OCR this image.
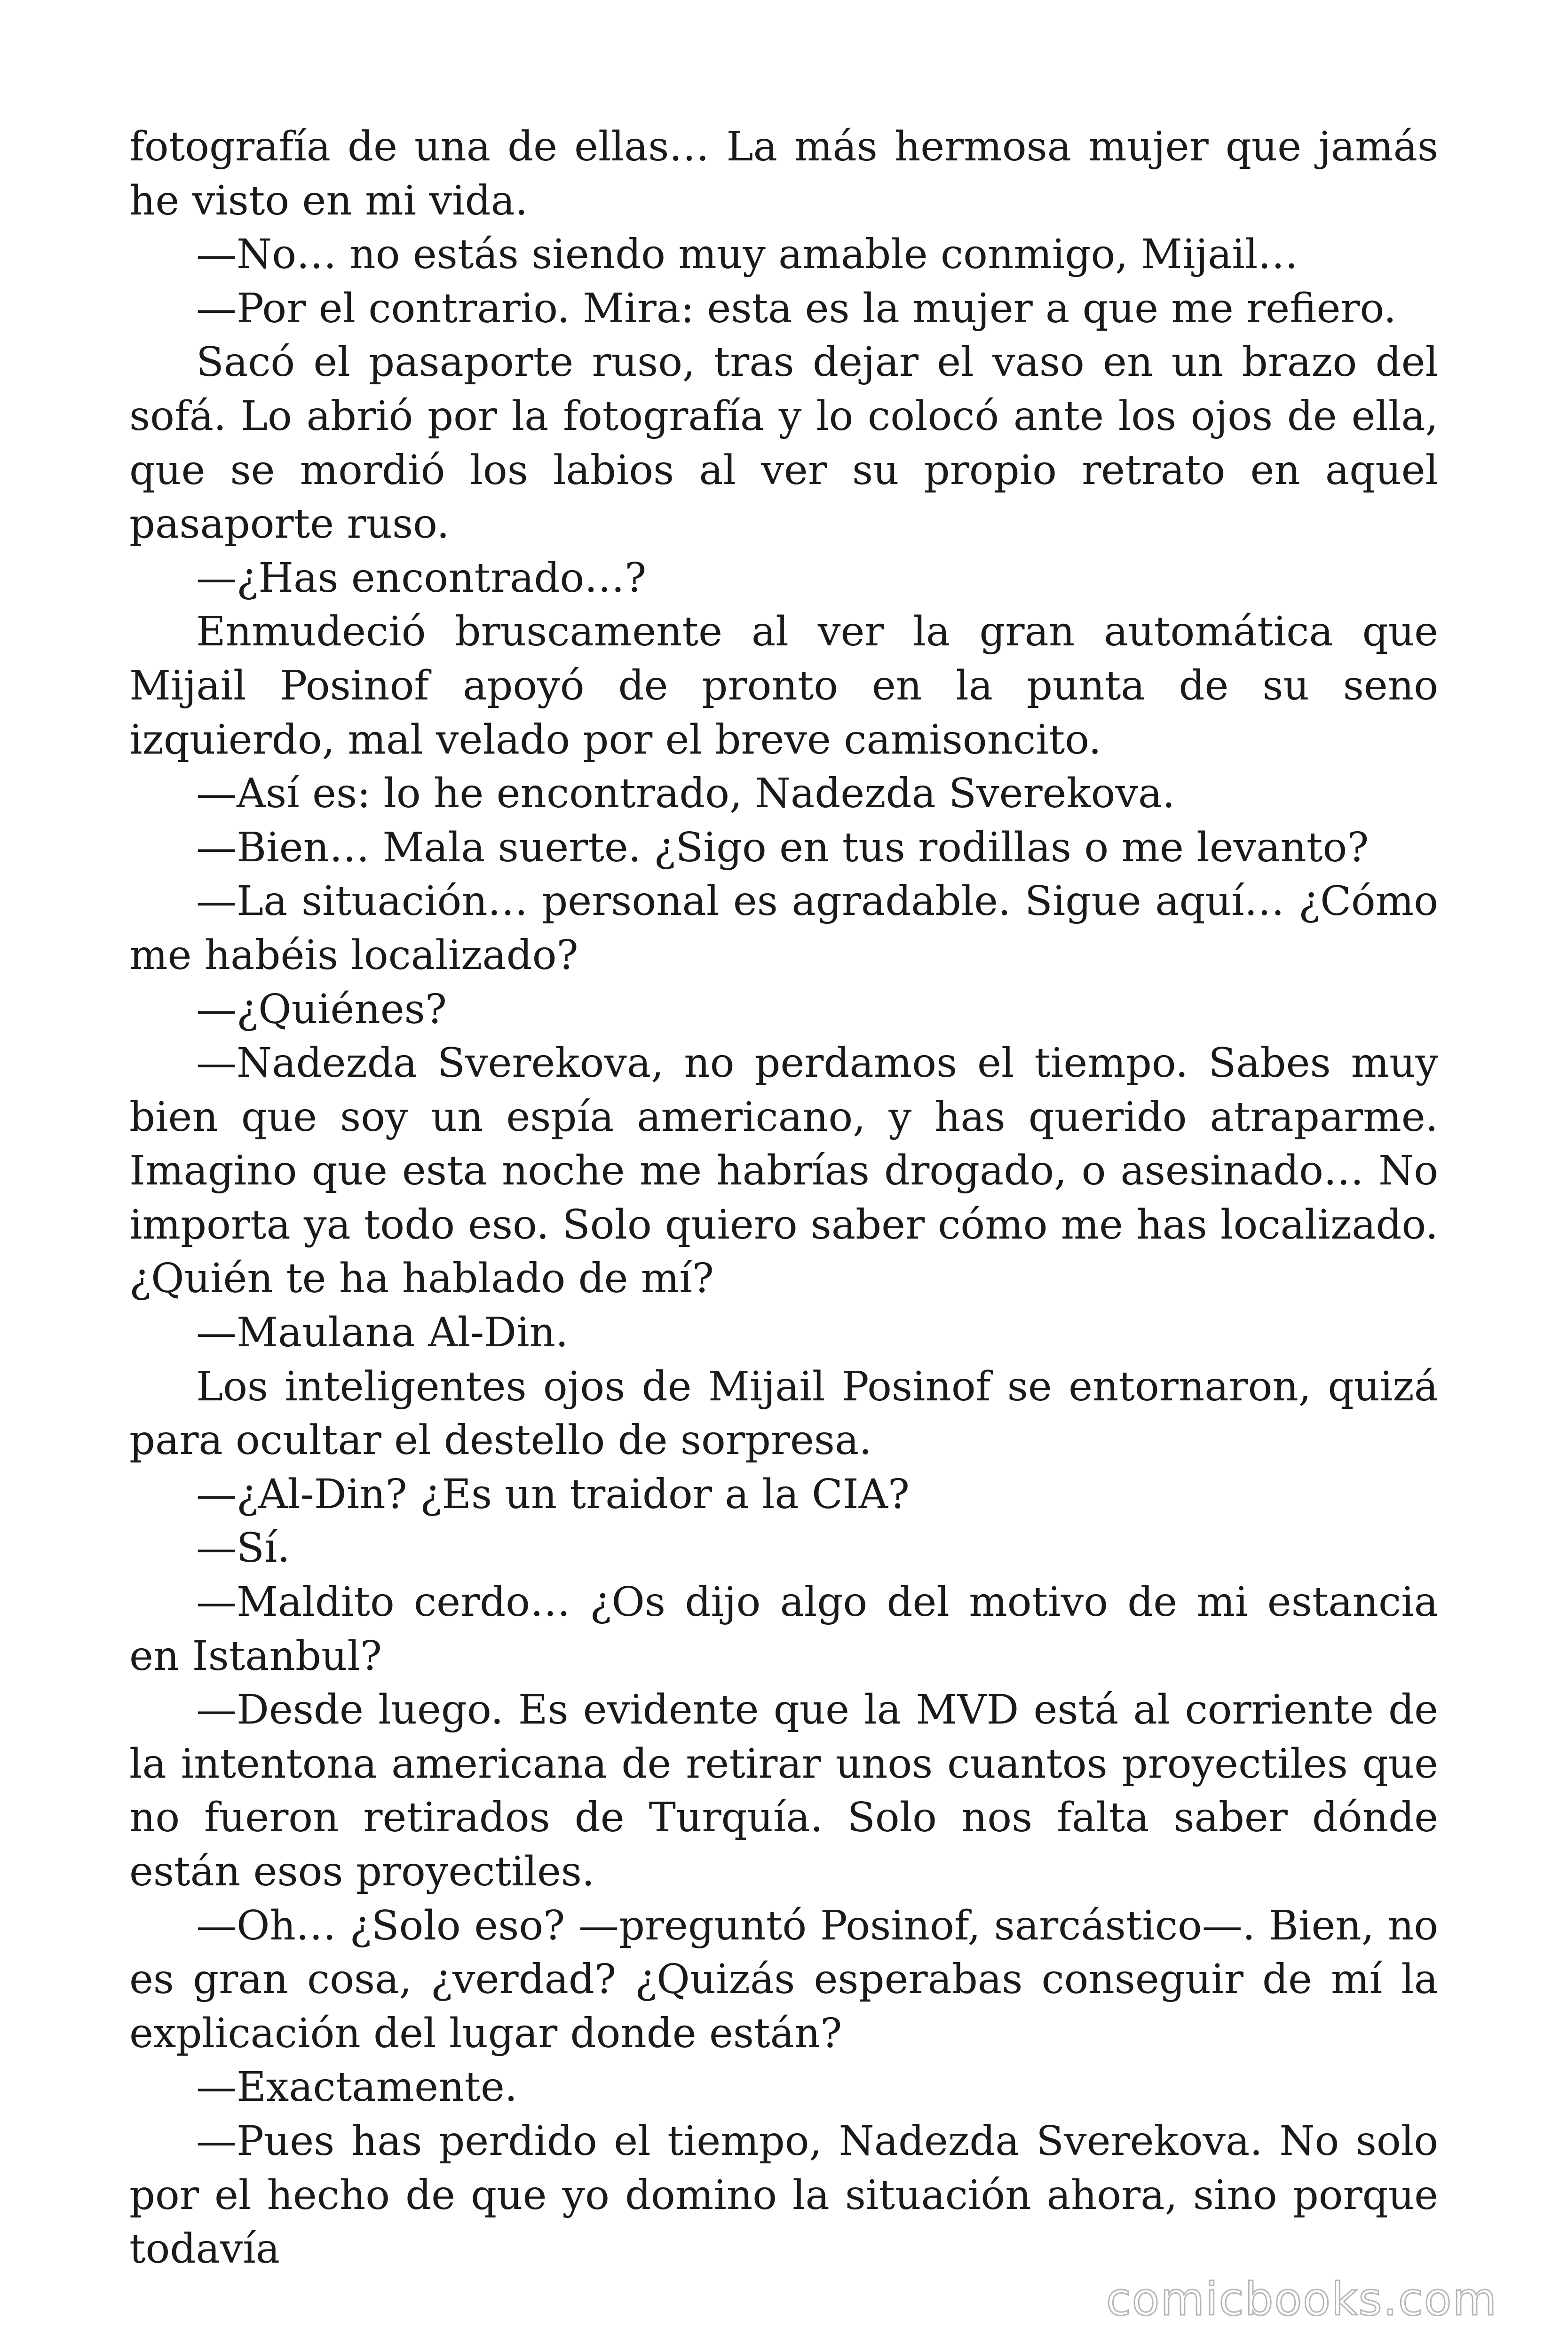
fotografía de una de ellas… La más hermosa mujer que jamás he visto en mi vida.

—No… no estás siendo muy amable conmigo, Mijail…

—Por el contrario. Mira: esta es la mujer a que me refiero.

Sacó el pasaporte ruso, tras dejar el vaso en un brazo del sofá. Lo abrió por la fotografía y lo colocó ante los ojos de ella, que se mordió los labios al ver su propio retrato en aquel pasaporte ruso.

—¿Has encontrado…?

Enmudeció bruscamente al ver la gran automática que Mijail Posinof apoyó de pronto en la punta de su seno izquierdo, mal velado por el breve camisoncito.

—Así es: lo he encontrado, Nadezda Sverekova.

—Bien… Mala suerte. ¿Sigo en tus rodillas o me levanto?

—La situación… personal es agradable. Sigue aquí… ¿Cómo me habéis localizado?

—¿Quiénes?

—Nadezda Sverekova, no perdamos el tiempo. Sabes muy bien que soy un espía americano, y has querido atraparme. Imagino que esta noche me habrías drogado, o asesinado… No importa ya todo eso. Solo quiero saber cómo me has localizado. ¿Quién te ha hablado de mí?

—Maulana Al-Din.

Los inteligentes ojos de Mijail Posinof se entornaron, quizá para ocultar el destello de sorpresa.

—¿Al-Din? ¿Es un traidor a la CIA?

—Sí.

—Maldito cerdo… ¿Os dijo algo del motivo de mi estancia en Istanbul?

—Desde luego. Es evidente que la MVD está al corriente de la intentona americana de retirar unos cuantos proyectiles que no fueron retirados de Turquía. Solo nos falta saber dónde están esos proyectiles.

—Oh… ¿Solo eso? —preguntó Posinof, sarcástico—. Bien, no es gran cosa, ¿verdad? ¿Quizás esperabas conseguir de mí la explicación del lugar donde están?

—Exactamente.

—Pues has perdido el tiempo, Nadezda Sverekova. No solo por el hecho de que yo domino la situación ahora, sino porque todavía

comicbooks.com
